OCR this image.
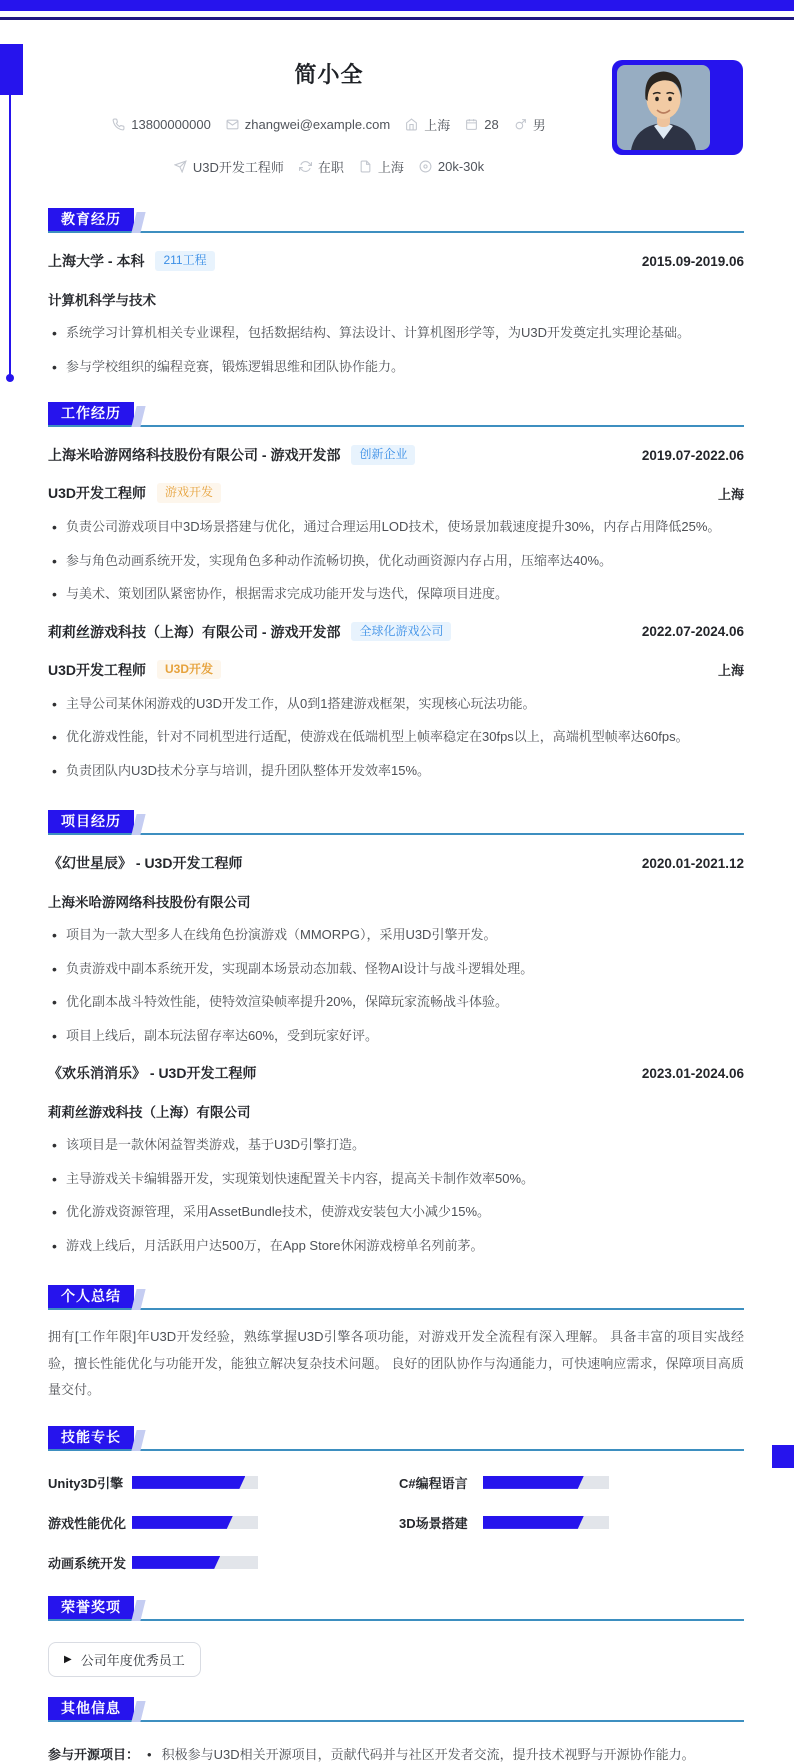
简小全
13800000000	zhangwei@example.com	上海	28	男
U3D开发工程师	在职	上海	20k-30k
教育经历
上海大学 - 本科	211工程	2015.09-2019.06
计算机科学与技术
• 系统学习计算机相关专业课程，包括数据结构、算法设计、计算机图形学等，为U3D开发奠定扎实理论基础。
• 参与学校组织的编程竞赛，锻炼逻辑思维和团队协作能力。
工作经历
上海米哈游网络科技股份有限公司 - 游戏开发部	创新企业	2019.07-2022.06
U3D开发工程师	游戏开发	上海
• 负责公司游戏项目中3D场景搭建与优化，通过合理运用LOD技术，使场景加载速度提升30%，内存占用降低25%。
• 参与角色动画系统开发，实现角色多种动作流畅切换，优化动画资源内存占用，压缩率达40%。
• 与美术、策划团队紧密协作，根据需求完成功能开发与迭代，保障项目进度。
莉莉丝游戏科技（上海）有限公司 - 游戏开发部	全球化游戏公司	2022.07-2024.06
U3D开发工程师	U3D开发	上海
• 主导公司某休闲游戏的U3D开发工作，从0到1搭建游戏框架，实现核心玩法功能。
• 优化游戏性能，针对不同机型进行适配，使游戏在低端机型上帧率稳定在30fps以上，高端机型帧率达60fps。
• 负责团队内U3D技术分享与培训，提升团队整体开发效率15%。
项目经历
《幻世星辰》 - U3D开发工程师	2020.01-2021.12
上海米哈游网络科技股份有限公司
• 项目为一款大型多人在线角色扮演游戏（MMORPG），采用U3D引擎开发。
• 负责游戏中副本系统开发，实现副本场景动态加载、怪物AI设计与战斗逻辑处理。
• 优化副本战斗特效性能，使特效渲染帧率提升20%，保障玩家流畅战斗体验。
• 项目上线后，副本玩法留存率达60%，受到玩家好评。
《欢乐消消乐》 - U3D开发工程师	2023.01-2024.06
莉莉丝游戏科技（上海）有限公司
• 该项目是一款休闲益智类游戏，基于U3D引擎打造。
• 主导游戏关卡编辑器开发，实现策划快速配置关卡内容，提高关卡制作效率50%。
• 优化游戏资源管理，采用AssetBundle技术，使游戏安装包大小减少15%。
• 游戏上线后，月活跃用户达500万，在App Store休闲游戏榜单名列前茅。
个人总结

拥有[工作年限]年U3D开发经验，熟练掌握U3D引擎各项功能，对游戏开发全流程有深入理解。 具备丰富的项目实战经验，擅长性能优化与功能开发，能独立解决复杂技术问题。 良好的团队协作与沟通能力，可快速响应需求，保障项目高质量交付。

技能专长
Unity3D引擎	C#编程语言
游戏性能优化	3D场景搭建
动画系统开发
荣誉奖项
▶ 公司年度优秀员工
其他信息
参与开源项目： • 积极参与U3D相关开源项目，贡献代码并与社区开发者交流，提升技术视野与开源协作能力。
